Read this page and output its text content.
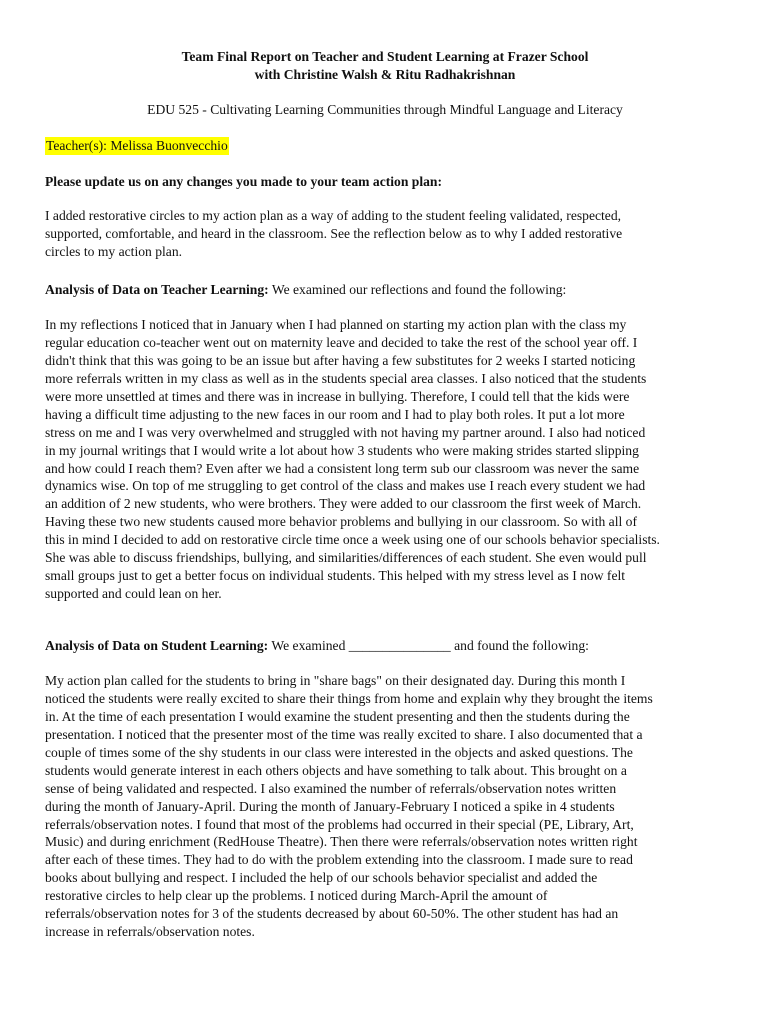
Team Final Report on Teacher and Student Learning at Frazer School
with Christine Walsh & Ritu Radhakrishnan
EDU 525 - Cultivating Learning Communities through Mindful Language and Literacy
Teacher(s): Melissa Buonvecchio
Please update us on any changes you made to your team action plan:
I added restorative circles to my action plan as a way of adding to the student feeling validated, respected,
supported, comfortable, and heard in the classroom. See the reflection below as to why I added restorative
circles to my action plan.
Analysis of Data on Teacher Learning: We examined our reflections and found the following:
In my reflections I noticed that in January when I had planned on starting my action plan with the class my
regular education co-teacher went out on maternity leave and decided to take the rest of the school year off. I
didn't think that this was going to be an issue but after having a few substitutes for 2 weeks I started noticing
more referrals written in my class as well as in the students special area classes. I also noticed that the students
were more unsettled at times and there was in increase in bullying. Therefore, I could tell that the kids were
having a difficult time adjusting to the new faces in our room and I had to play both roles. It put a lot more
stress on me and I was very overwhelmed and struggled with not having my partner around. I also had noticed
in my journal writings that I would write a lot about how 3 students who were making strides started slipping
and how could I reach them? Even after we had a consistent long term sub our classroom was never the same
dynamics wise. On top of me struggling to get control of the class and makes use I reach every student we had
an addition of 2 new students, who were brothers. They were added to our classroom the first week of March.
Having these two new students caused more behavior problems and bullying in our classroom. So with all of
this in mind I decided to add on restorative circle time once a week using one of our schools behavior specialists.
She was able to discuss friendships, bullying, and similarities/differences of each student. She even would pull
small groups just to get a better focus on individual students. This helped with my stress level as I now felt
supported and could lean on her.
Analysis of Data on Student Learning: We examined _______________ and found the following:
My action plan called for the students to bring in "share bags" on their designated day. During this month I
noticed the students were really excited to share their things from home and explain why they brought the items
in. At the time of each presentation I would examine the student presenting and then the students during the
presentation. I noticed that the presenter most of the time was really excited to share. I also documented that a
couple of times some of the shy students in our class were interested in the objects and asked questions. The
students would generate interest in each others objects and have something to talk about. This brought on a
sense of being validated and respected. I also examined the number of referrals/observation notes written
during the month of January-April. During the month of January-February I noticed a spike in 4 students
referrals/observation notes. I found that most of the problems had occurred in their special (PE, Library, Art,
Music) and during enrichment (RedHouse Theatre). Then there were referrals/observation notes written right
after each of these times. They had to do with the problem extending into the classroom. I made sure to read
books about bullying and respect. I included the help of our schools behavior specialist and added the
restorative circles to help clear up the problems. I noticed during March-April the amount of
referrals/observation notes for 3 of the students decreased by about 60-50%. The other student has had an
increase in referrals/observation notes.
